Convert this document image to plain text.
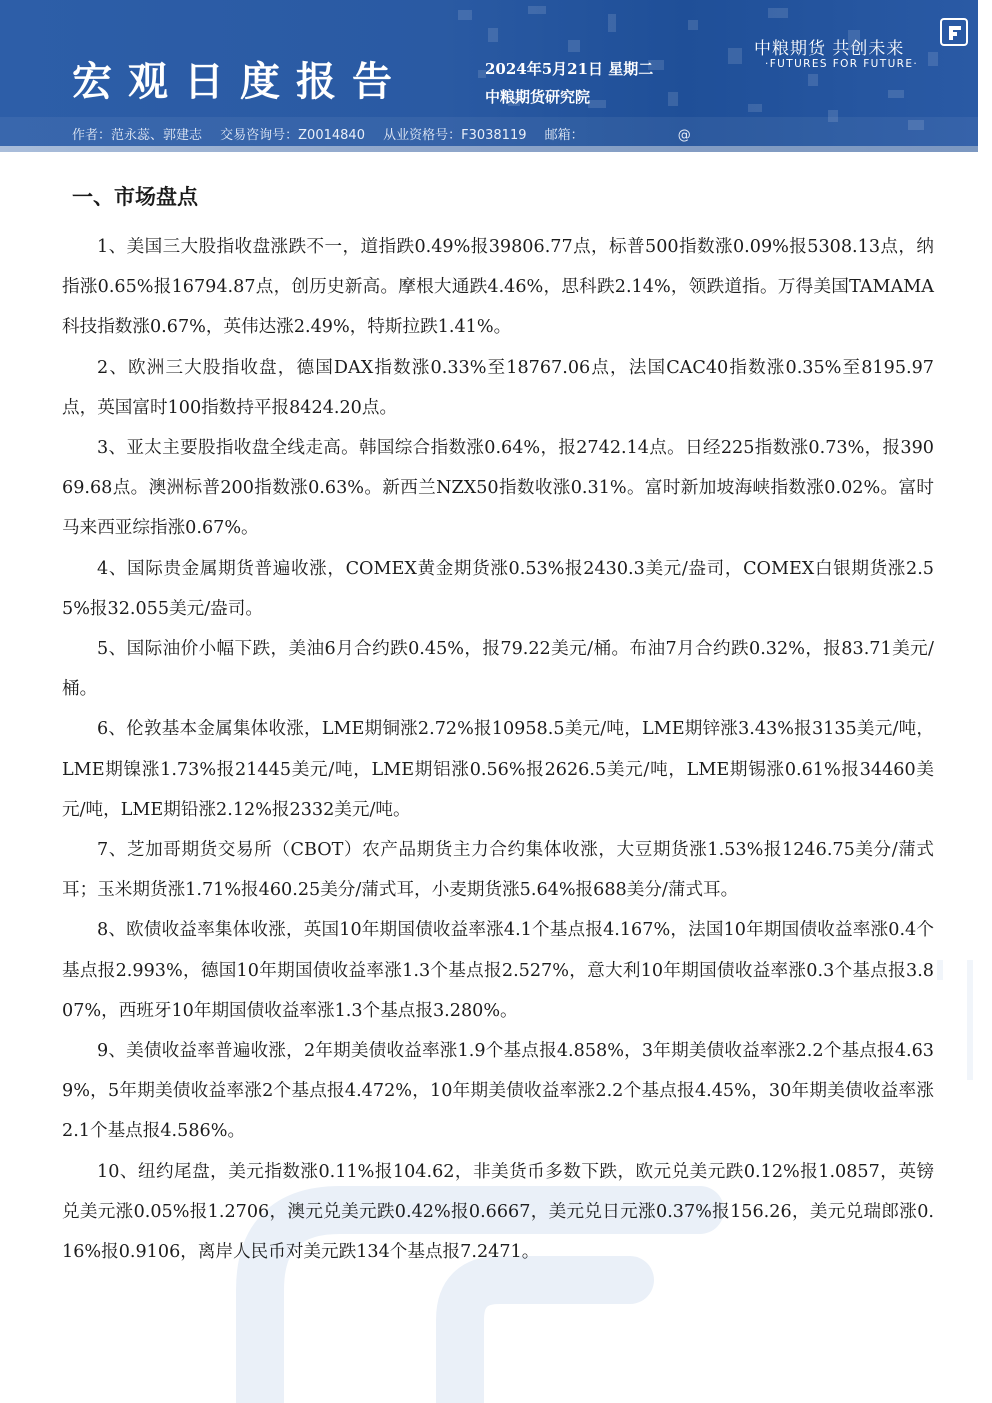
宏观日度报告	2024年5月21日 星期二
中粮期货研究院
中粮期货 共创未来
·FUTURES FOR FUTURE·
作者：范永蕊、郭建志 交易咨询号：Z0014840 从业资格号：F3038119 邮箱：	@
一、市场盘点

1、美国三大股指收盘涨跌不一，道指跌0.49%报39806.77点，标普500指数涨0.09%报5308.13点，纳指涨0.65%报16794.87点，创历史新高。摩根大通跌4.46%，思科跌2.14%，领跌道指。万得美国TAMAMA科技指数涨0.67%，英伟达涨2.49%，特斯拉跌1.41%。

2、欧洲三大股指收盘，德国DAX指数涨0.33%至18767.06点，法国CAC40指数涨0.35%至8195.97点，英国富时100指数持平报8424.20点。

3、亚太主要股指收盘全线走高。韩国综合指数涨0.64%，报2742.14点。日经225指数涨0.73%，报39069.68点。澳洲标普200指数涨0.63%。新西兰NZX50指数收涨0.31%。富时新加坡海峡指数涨0.02%。富时马来西亚综指涨0.67%。

4、国际贵金属期货普遍收涨，COMEX黄金期货涨0.53%报2430.3美元/盎司，COMEX白银期货涨2.55%报32.055美元/盎司。

5、国际油价小幅下跌，美油6月合约跌0.45%，报79.22美元/桶。布油7月合约跌0.32%，报83.71美元/桶。

6、伦敦基本金属集体收涨，LME期铜涨2.72%报10958.5美元/吨，LME期锌涨3.43%报3135美元/吨，LME期镍涨1.73%报21445美元/吨，LME期铝涨0.56%报2626.5美元/吨，LME期锡涨0.61%报34460美元/吨，LME期铅涨2.12%报2332美元/吨。

7、芝加哥期货交易所（CBOT）农产品期货主力合约集体收涨，大豆期货涨1.53%报1246.75美分/蒲式耳；玉米期货涨1.71%报460.25美分/蒲式耳，小麦期货涨5.64%报688美分/蒲式耳。

8、欧债收益率集体收涨，英国10年期国债收益率涨4.1个基点报4.167%，法国10年期国债收益率涨0.4个基点报2.993%，德国10年期国债收益率涨1.3个基点报2.527%，意大利10年期国债收益率涨0.3个基点报3.807%，西班牙10年期国债收益率涨1.3个基点报3.280%。

9、美债收益率普遍收涨，2年期美债收益率涨1.9个基点报4.858%，3年期美债收益率涨2.2个基点报4.639%，5年期美债收益率涨2个基点报4.472%，10年期美债收益率涨2.2个基点报4.45%，30年期美债收益率涨2.1个基点报4.586%。

10、纽约尾盘，美元指数涨0.11%报104.62，非美货币多数下跌，欧元兑美元跌0.12%报1.0857，英镑兑美元涨0.05%报1.2706，澳元兑美元跌0.42%报0.6667，美元兑日元涨0.37%报156.26，美元兑瑞郎涨0.16%报0.9106，离岸人民币对美元跌134个基点报7.2471。
